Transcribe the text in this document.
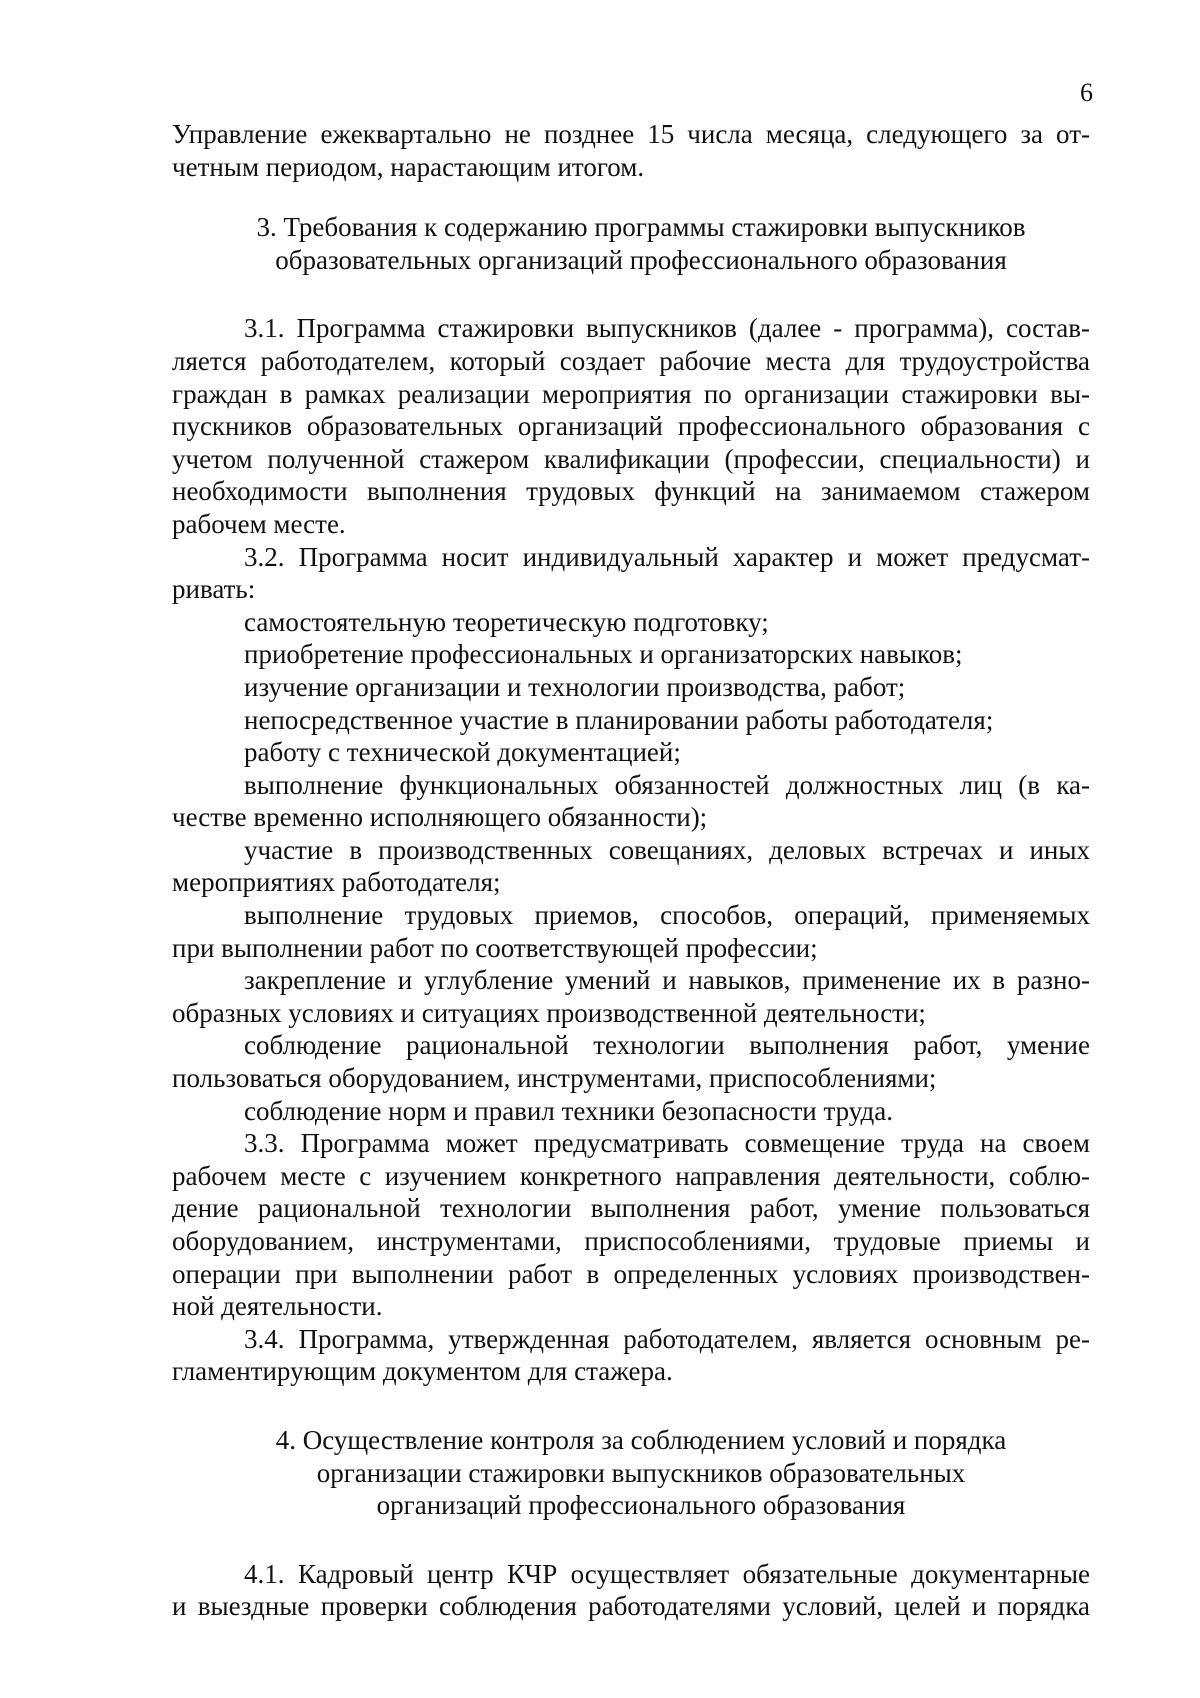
6
Управление ежеквартально не позднее 15 числа месяца, следующего за от-
четным периодом, нарастающим итогом.
3. Требования к содержанию программы стажировки выпускников
образовательных организаций профессионального образования
3.1. Программа стажировки выпускников (далее - программа), состав-
ляется работодателем, который создает рабочие места для трудоустройства
граждан в рамках реализации мероприятия по организации стажировки вы-
пускников образовательных организаций профессионального образования с
учетом полученной стажером квалификации (профессии, специальности) и
необходимости выполнения трудовых функций на занимаемом стажером
рабочем месте.
3.2. Программа носит индивидуальный характер и может предусмат-
ривать:
самостоятельную теоретическую подготовку;
приобретение профессиональных и организаторских навыков;
изучение организации и технологии производства, работ;
непосредственное участие в планировании работы работодателя;
работу с технической документацией;
выполнение функциональных обязанностей должностных лиц (в ка-
честве временно исполняющего обязанности);
участие в производственных совещаниях, деловых встречах и иных
мероприятиях работодателя;
выполнение трудовых приемов, способов, операций, применяемых
при выполнении работ по соответствующей профессии;
закрепление и углубление умений и навыков, применение их в разно-
образных условиях и ситуациях производственной деятельности;
соблюдение рациональной технологии выполнения работ, умение
пользоваться оборудованием, инструментами, приспособлениями;
соблюдение норм и правил техники безопасности труда.
3.3. Программа может предусматривать совмещение труда на своем
рабочем месте с изучением конкретного направления деятельности, соблю-
дение рациональной технологии выполнения работ, умение пользоваться
оборудованием, инструментами, приспособлениями, трудовые приемы и
операции при выполнении работ в определенных условиях производствен-
ной деятельности.
3.4. Программа, утвержденная работодателем, является основным ре-
гламентирующим документом для стажера.
4. Осуществление контроля за соблюдением условий и порядка
организации стажировки выпускников образовательных
организаций профессионального образования
4.1. Кадровый центр КЧР осуществляет обязательные документарные
и выездные проверки соблюдения работодателями условий, целей и порядка
